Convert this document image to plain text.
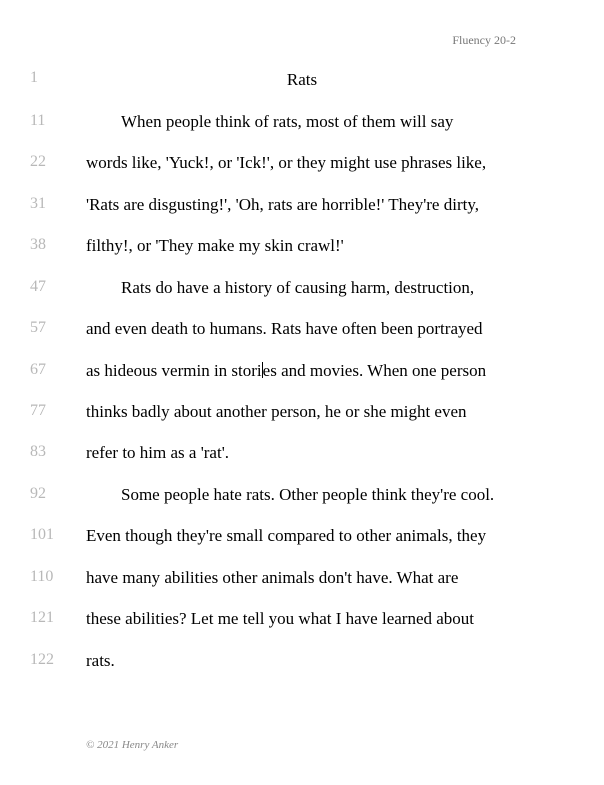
Fluency 20-2
1	Rats
11	When people think of rats, most of them will say
22 words like, 'Yuck!, or 'Ick!', or they might use phrases like,
31 'Rats are disgusting!', 'Oh, rats are horrible!' They're dirty,
38 filthy!, or 'They make my skin crawl!'
47	Rats do have a history of causing harm, destruction,
57 and even death to humans. Rats have often been portrayed
67 as hideous vermin in stories and movies. When one person
77 thinks badly about another person, he or she might even
83 refer to him as a 'rat'.
92	Some people hate rats. Other people think they're cool.
101 Even though they're small compared to other animals, they
110 have many abilities other animals don't have. What are
121 these abilities? Let me tell you what I have learned about
122 rats.
© 2021 Henry Anker
